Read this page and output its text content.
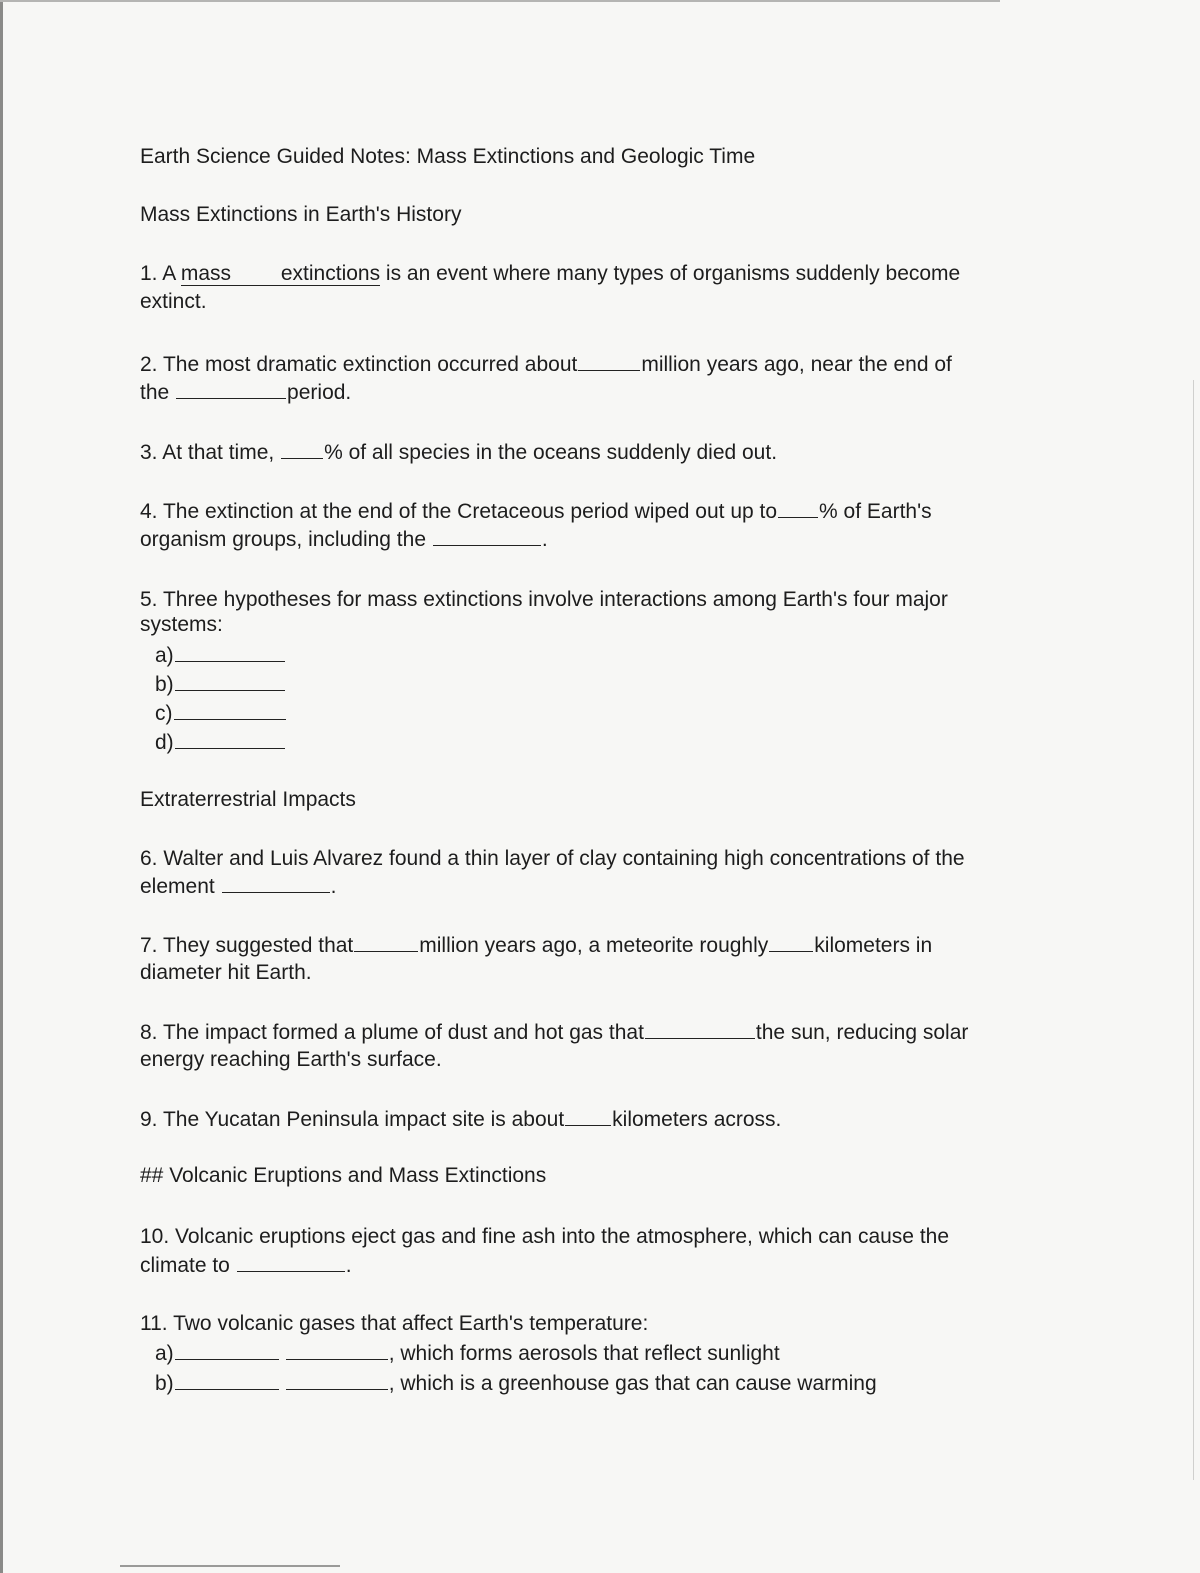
Earth Science Guided Notes: Mass Extinctions and Geologic Time
Mass Extinctions in Earth's History
1. A mass extinctions is an event where many types of organisms suddenly become
extinct.
2. The most dramatic extinction occurred about	million years ago, near the end of
the	period.
3. At that time, % of all species in the oceans suddenly died out.
4. The extinction at the end of the Cretaceous period wiped out up to % of Earth's
organism groups, including the	.
5. Three hypotheses for mass extinctions involve interactions among Earth's four major
systems:
a)
b)
c)
d)
Extraterrestrial Impacts
6. Walter and Luis Alvarez found a thin layer of clay containing high concentrations of the
element	.
7. They suggested that	million years ago, a meteorite roughly kilometers in
diameter hit Earth.
8. The impact formed a plume of dust and hot gas that	the sun, reducing solar
energy reaching Earth's surface.
9. The Yucatan Peninsula impact site is about kilometers across.
## Volcanic Eruptions and Mass Extinctions
10. Volcanic eruptions eject gas and fine ash into the atmosphere, which can cause the
climate to	.
11. Two volcanic gases that affect Earth's temperature:
a)	, which forms aerosols that reflect sunlight
b)	, which is a greenhouse gas that can cause warming
